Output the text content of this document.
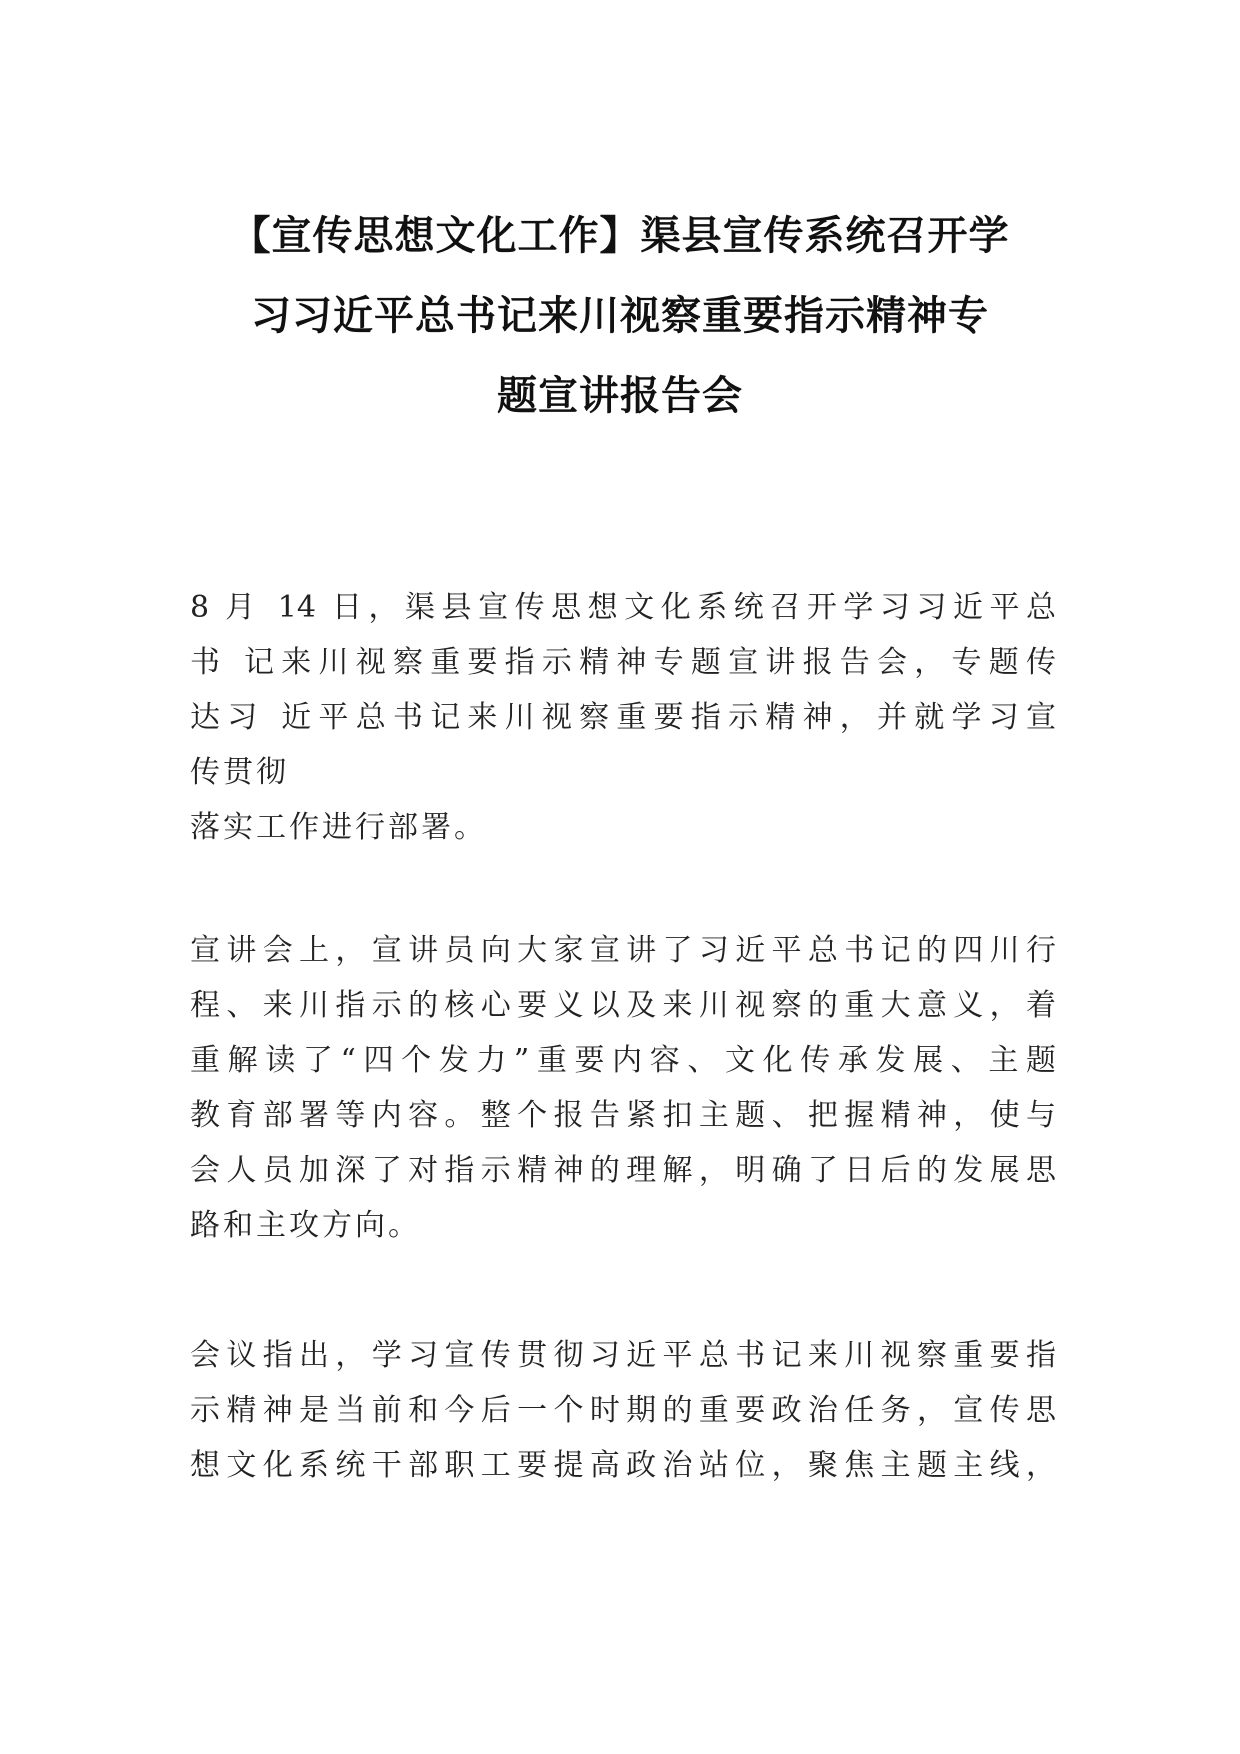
【宣传思想文化工作】渠县宣传系统召开学
习习近平总书记来川视察重要指示精神专
题宣讲报告会
8 月 14 日，渠县宣传思想文化系统召开学习习近平总
书 记来川视察重要指示精神专题宣讲报告会，专题传
达习 近平总书记来川视察重要指示精神，并就学习宣
传贯彻
落实工作进行部署。
宣讲会上，宣讲员向大家宣讲了习近平总书记的四川行
程、来川指示的核心要义以及来川视察的重大意义，着
重解读了“四个发力”重要内容、文化传承发展、主题
教育部署等内容。整个报告紧扣主题、把握精神，使与
会人员加深了对指示精神的理解，明确了日后的发展思
路和主攻方向。
会议指出，学习宣传贯彻习近平总书记来川视察重要指
示精神是当前和今后一个时期的重要政治任务，宣传思
想文化系统干部职工要提高政治站位，聚焦主题主线，
